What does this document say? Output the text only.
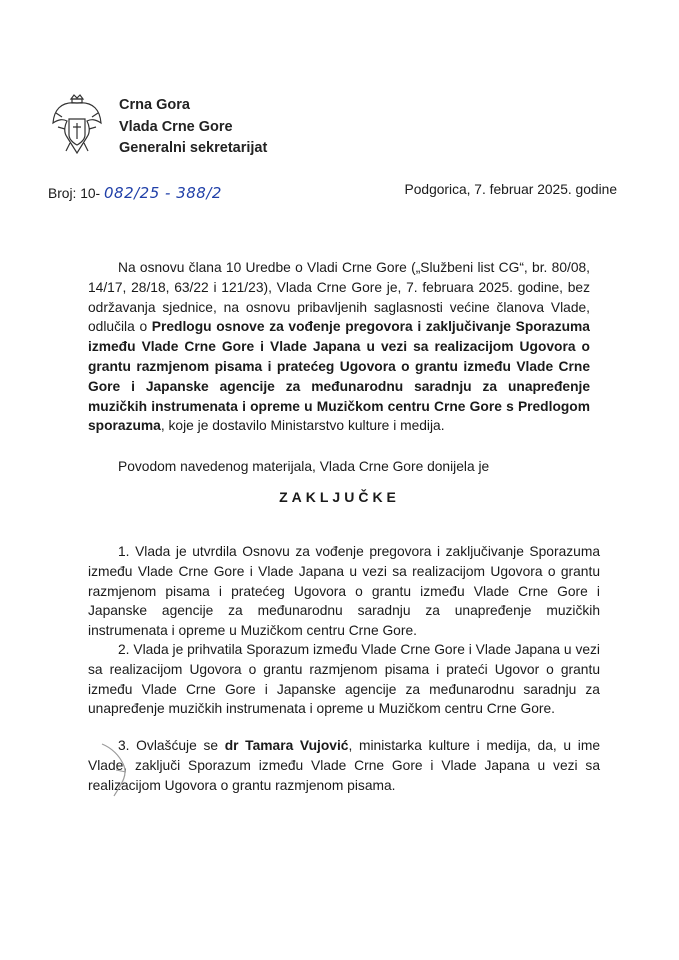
Crna Gora
Vlada Crne Gore
Generalni sekretarijat
Broj: 10- 082/25 - 388/2	Podgorica, 7. februar 2025. godine
Na osnovu člana 10 Uredbe o Vladi Crne Gore („Službeni list CG“, br. 80/08, 14/17, 28/18, 63/22 i 121/23), Vlada Crne Gore je, 7. februara 2025. godine, bez održavanja sjednice, na osnovu pribavljenih saglasnosti većine članova Vlade, odlučila o Predlogu osnove za vođenje pregovora i zaključivanje Sporazuma između Vlade Crne Gore i Vlade Japana u vezi sa realizacijom Ugovora o grantu razmjenom pisama i pratećeg Ugovora o grantu između Vlade Crne Gore i Japanske agencije za međunarodnu saradnju za unapređenje muzičkih instrumenata i opreme u Muzičkom centru Crne Gore s Predlogom sporazuma, koje je dostavilo Ministarstvo kulture i medija.
Povodom navedenog materijala, Vlada Crne Gore donijela je
ZAKLJUČKE
1. Vlada je utvrdila Osnovu za vođenje pregovora i zaključivanje Sporazuma između Vlade Crne Gore i Vlade Japana u vezi sa realizacijom Ugovora o grantu razmjenom pisama i pratećeg Ugovora o grantu između Vlade Crne Gore i Japanske agencije za međunarodnu saradnju za unapređenje muzičkih instrumenata i opreme u Muzičkom centru Crne Gore.
2. Vlada je prihvatila Sporazum između Vlade Crne Gore i Vlade Japana u vezi sa realizacijom Ugovora o grantu razmjenom pisama i prateći Ugovor o grantu između Vlade Crne Gore i Japanske agencije za međunarodnu saradnju za unapređenje muzičkih instrumenata i opreme u Muzičkom centru Crne Gore.
3. Ovlašćuje se dr Tamara Vujović, ministarka kulture i medija, da, u ime Vlade, zaključi Sporazum između Vlade Crne Gore i Vlade Japana u vezi sa realizacijom Ugovora o grantu razmjenom pisama.
